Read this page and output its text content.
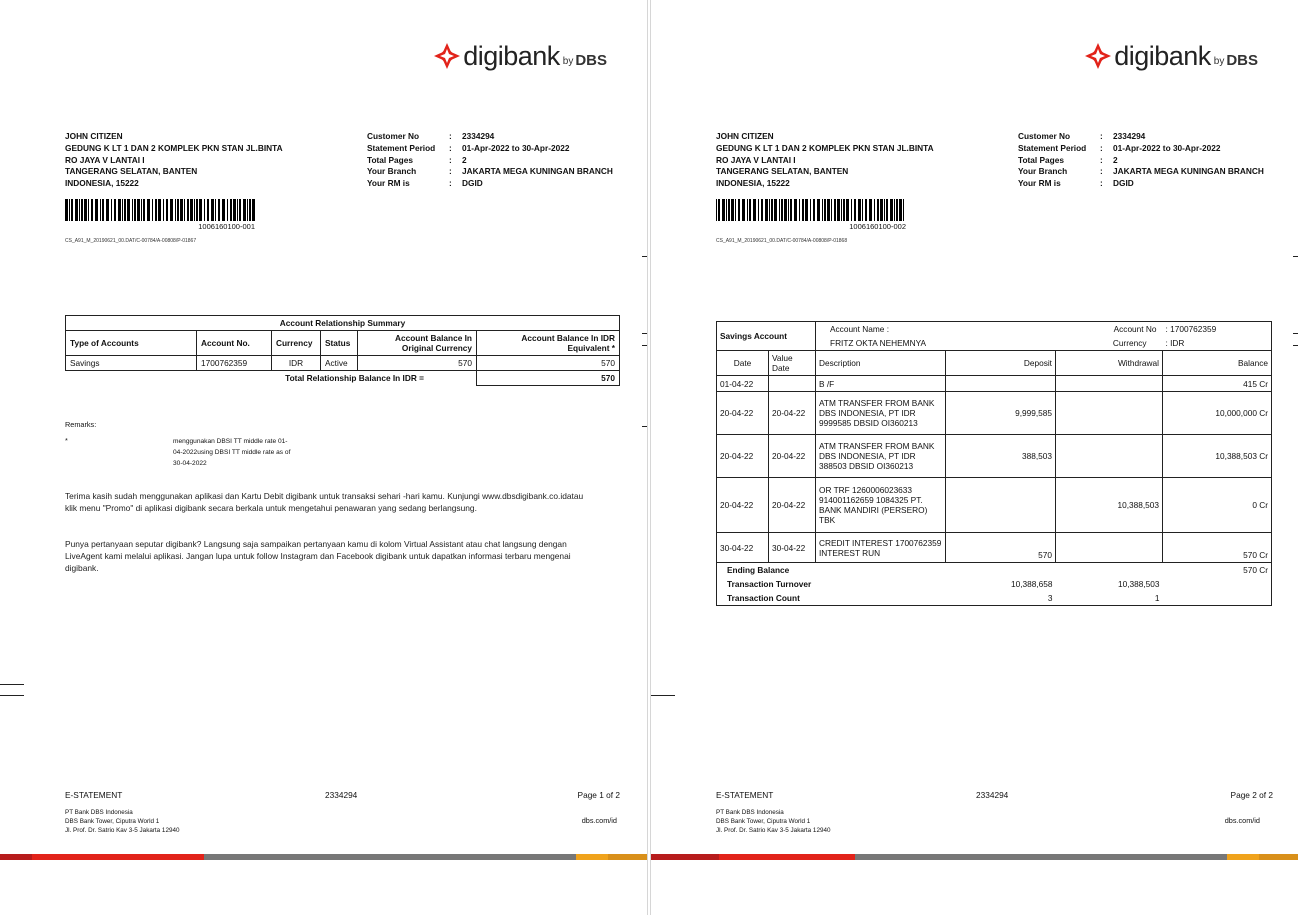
digibank by DBS
JOHN CITIZEN
GEDUNG K LT 1 DAN 2 KOMPLEK PKN STAN JL.BINTA
RO JAYA V LANTAI I
TANGERANG SELATAN, BANTEN
INDONESIA, 15222
Customer No	:	2334294
Statement Period	:	01-Apr-2022 to 30-Apr-2022
Total Pages	:	2
Your Branch	:	JAKARTA MEGA KUNINGAN BRANCH
Your RM is	:	DGID
1006160100-001
CS_A91_M_20190621_00.DAT/C-00784/A-00808/P-01867
Account Relationship Summary					
Type of Accounts	Account No.	Currency	Status	Account Balance In Original Currency	Account Balance In IDR Equivalent *
Savings	1700762359	IDR	Active	570	570
Total Relationship Balance In IDR =					570
Remarks:
*	menggunakan DBSI TT middle rate 01-
04-2022using DBSI TT middle rate as of
30-04-2022
Terima kasih sudah menggunakan aplikasi dan Kartu Debit digibank untuk transaksi sehari -hari kamu. Kunjungi www.dbsdigibank.co.idatau klik menu "Promo" di aplikasi digibank secara berkala untuk mengetahui penawaran yang sedang berlangsung.
Punya pertanyaan seputar digibank? Langsung saja sampaikan pertanyaan kamu di kolom Virtual Assistant atau chat langsung dengan LiveAgent kami melalui aplikasi. Jangan lupa untuk follow Instagram dan Facebook digibank untuk dapatkan informasi terbaru mengenai digibank.
E-STATEMENT	2334294	Page 1 of 2
PT Bank DBS Indonesia
DBS Bank Tower, Ciputra World 1
Jl. Prof. Dr. Satrio Kav 3-5 Jakarta 12940
dbs.com/id
digibank by DBS
JOHN CITIZEN
GEDUNG K LT 1 DAN 2 KOMPLEK PKN STAN JL.BINTA
RO JAYA V LANTAI I
TANGERANG SELATAN, BANTEN
INDONESIA, 15222
Customer No	:	2334294
Statement Period	:	01-Apr-2022 to 30-Apr-2022
Total Pages	:	2
Your Branch	:	JAKARTA MEGA KUNINGAN BRANCH
Your RM is	:	DGID
1006160100-002
CS_A91_M_20190621_00.DAT/C-00784/A-00808/P-01868
E-STATEMENT	2334294	Page 2 of 2
PT Bank DBS Indonesia
DBS Bank Tower, Ciputra World 1
Jl. Prof. Dr. Satrio Kav 3-5 Jakarta 12940
dbs.com/id
Savings Account		Account Name :		Account No	: 1700762359
		FRITZ OKTA NEHEMNYA		Currency	: IDR
Date	Value Date	Description	Deposit	Withdrawal	Balance
01-04-22		B /F			415 Cr
20-04-22	20-04-22	ATM TRANSFER FROM BANK DBS INDONESIA, PT IDR 9999585 DBSID OI360213	9,999,585		10,000,000 Cr
20-04-22	20-04-22	ATM TRANSFER FROM BANK DBS INDONESIA, PT IDR 388503 DBSID OI360213	388,503		10,388,503 Cr
20-04-22	20-04-22	OR TRF 1260006023633 914001162659 1084325 PT. BANK MANDIRI (PERSERO) TBK		10,388,503	0 Cr
30-04-22	30-04-22	CREDIT INTEREST 1700762359 INTEREST RUN	570		570 Cr
Ending Balance					570 Cr
Transaction Turnover			10,388,658	10,388,503	
Transaction Count			3	1	
